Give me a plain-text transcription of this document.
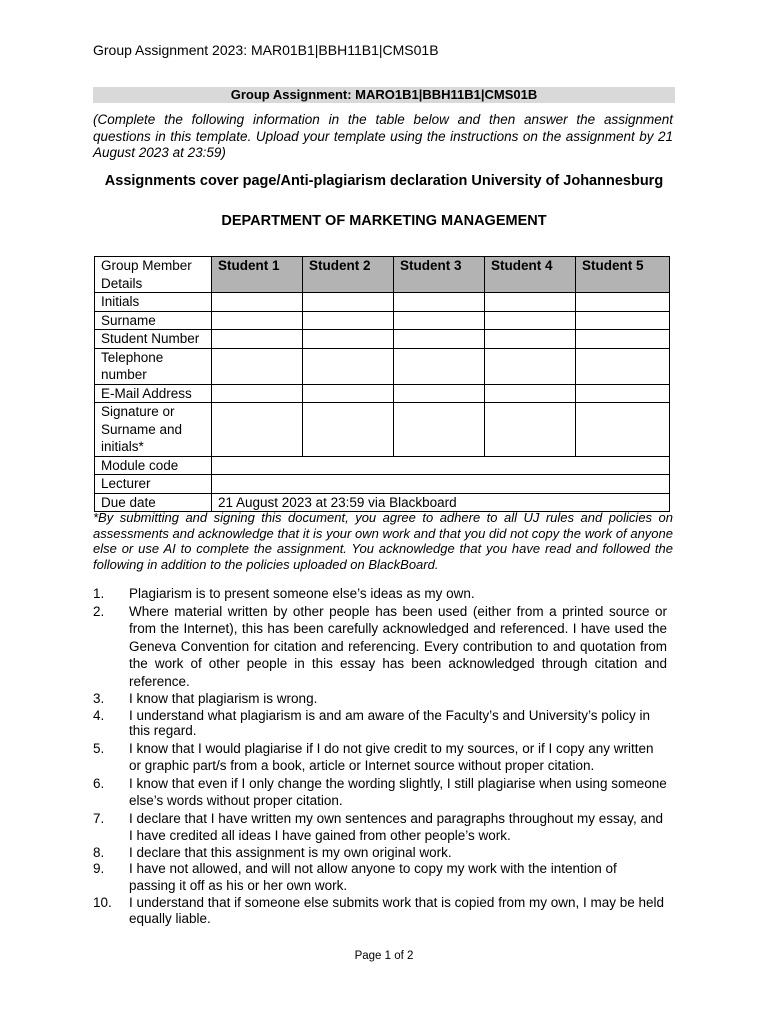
Group Assignment 2023: MAR01B1|BBH11B1|CMS01B
Group Assignment: MARO1B1|BBH11B1|CMS01B
(Complete the following information in the table below and then answer the assignment questions in this template. Upload your template using the instructions on the assignment by 21 August 2023 at 23:59)
Assignments cover page/Anti-plagiarism declaration University of Johannesburg
DEPARTMENT OF MARKETING MANAGEMENT
Group Member Details	Student 1	Student 2	Student 3	Student 4	Student 5
Initials					
Surname					
Student Number					
Telephone number					
E-Mail Address					
Signature or Surname and initials*					
Module code					
Lecturer					
Due date	21 August 2023 at 23:59 via Blackboard				
*By submitting and signing this document, you agree to adhere to all UJ rules and policies on assessments and acknowledge that it is your own work and that you did not copy the work of anyone else or use AI to complete the assignment. You acknowledge that you have read and followed the following in addition to the policies uploaded on BlackBoard.
1. Plagiarism is to present someone else’s ideas as my own.
2. Where material written by other people has been used (either from a printed source or from the Internet), this has been carefully acknowledged and referenced. I have used the Geneva Convention for citation and referencing. Every contribution to and quotation from the work of other people in this essay has been acknowledged through citation and reference.
3. I know that plagiarism is wrong.
4. I understand what plagiarism is and am aware of the Faculty’s and University’s policy in this regard.
5. I know that I would plagiarise if I do not give credit to my sources, or if I copy any written or graphic part/s from a book, article or Internet source without proper citation.
6. I know that even if I only change the wording slightly, I still plagiarise when using someone else’s words without proper citation.
7. I declare that I have written my own sentences and paragraphs throughout my essay, and I have credited all ideas I have gained from other people’s work.
8. I declare that this assignment is my own original work.
9. I have not allowed, and will not allow anyone to copy my work with the intention of passing it off as his or her own work.
10. I understand that if someone else submits work that is copied from my own, I may be held equally liable.
Page 1 of 2
